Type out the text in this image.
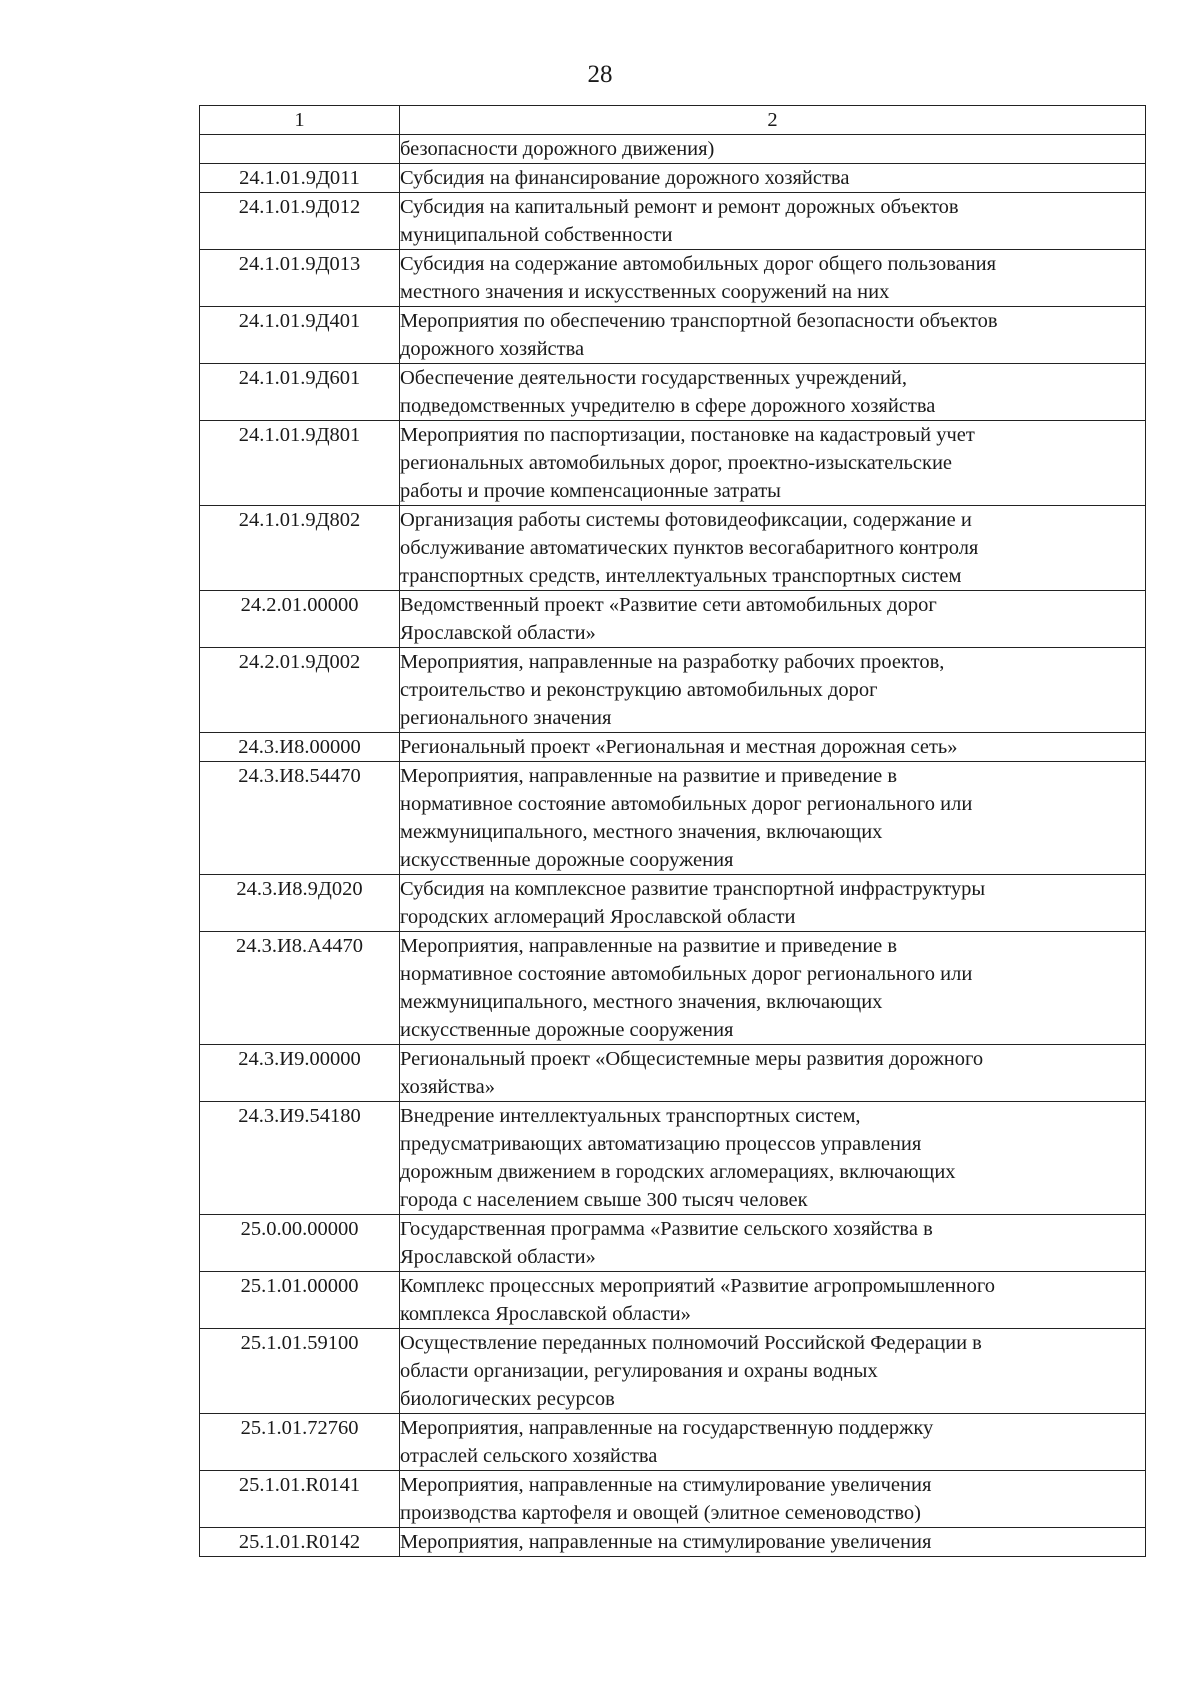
28
1	2
	безопасности дорожного движения)
24.1.01.9Д011	Субсидия на финансирование дорожного хозяйства
24.1.01.9Д012	Субсидия на капитальный ремонт и ремонт дорожных объектов
муниципальной собственности
24.1.01.9Д013	Субсидия на содержание автомобильных дорог общего пользования
местного значения и искусственных сооружений на них
24.1.01.9Д401	Мероприятия по обеспечению транспортной безопасности объектов
дорожного хозяйства
24.1.01.9Д601	Обеспечение деятельности государственных учреждений,
подведомственных учредителю в сфере дорожного хозяйства
24.1.01.9Д801	Мероприятия по паспортизации, постановке на кадастровый учет
региональных автомобильных дорог, проектно-изыскательские
работы и прочие компенсационные затраты
24.1.01.9Д802	Организация работы системы фотовидеофиксации, содержание и
обслуживание автоматических пунктов весогабаритного контроля
транспортных средств, интеллектуальных транспортных систем
24.2.01.00000	Ведомственный проект «Развитие сети автомобильных дорог
Ярославской области»
24.2.01.9Д002	Мероприятия, направленные на разработку рабочих проектов,
строительство и реконструкцию автомобильных дорог
регионального значения
24.3.И8.00000	Региональный проект «Региональная и местная дорожная сеть»
24.3.И8.54470	Мероприятия, направленные на развитие и приведение в
нормативное состояние автомобильных дорог регионального или
межмуниципального, местного значения, включающих
искусственные дорожные сооружения
24.3.И8.9Д020	Субсидия на комплексное развитие транспортной инфраструктуры
городских агломераций Ярославской области
24.3.И8.А4470	Мероприятия, направленные на развитие и приведение в
нормативное состояние автомобильных дорог регионального или
межмуниципального, местного значения, включающих
искусственные дорожные сооружения
24.3.И9.00000	Региональный проект «Общесистемные меры развития дорожного
хозяйства»
24.3.И9.54180	Внедрение интеллектуальных транспортных систем,
предусматривающих автоматизацию процессов управления
дорожным движением в городских агломерациях, включающих
города с населением свыше 300 тысяч человек
25.0.00.00000	Государственная программа «Развитие сельского хозяйства в
Ярославской области»
25.1.01.00000	Комплекс процессных мероприятий «Развитие агропромышленного
комплекса Ярославской области»
25.1.01.59100	Осуществление переданных полномочий Российской Федерации в
области организации, регулирования и охраны водных
биологических ресурсов
25.1.01.72760	Мероприятия, направленные на государственную поддержку
отраслей сельского хозяйства
25.1.01.R0141	Мероприятия, направленные на стимулирование увеличения
производства картофеля и овощей (элитное семеноводство)
25.1.01.R0142	Мероприятия, направленные на стимулирование увеличения
